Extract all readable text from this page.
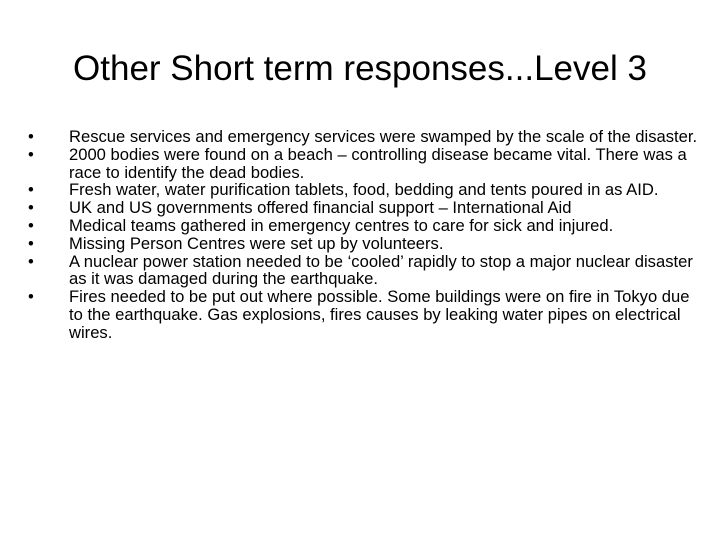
Other Short term responses...Level 3
•	Rescue services and emergency services were swamped by the scale of the disaster.
•	2000 bodies were found on a beach – controlling disease became vital. There was a race to identify the dead bodies.
•	Fresh water, water purification tablets, food, bedding and tents poured in as AID.
•	UK and US governments offered financial support – International Aid
•	Medical teams gathered in emergency centres to care for sick and injured.
•	Missing Person Centres were set up by volunteers.
•	A nuclear power station needed to be ‘cooled’ rapidly to stop a major nuclear disaster as it was damaged during the earthquake.
•	Fires needed to be put out where possible. Some buildings were on fire in Tokyo due to the earthquake. Gas explosions, fires causes by leaking water pipes on electrical wires.
